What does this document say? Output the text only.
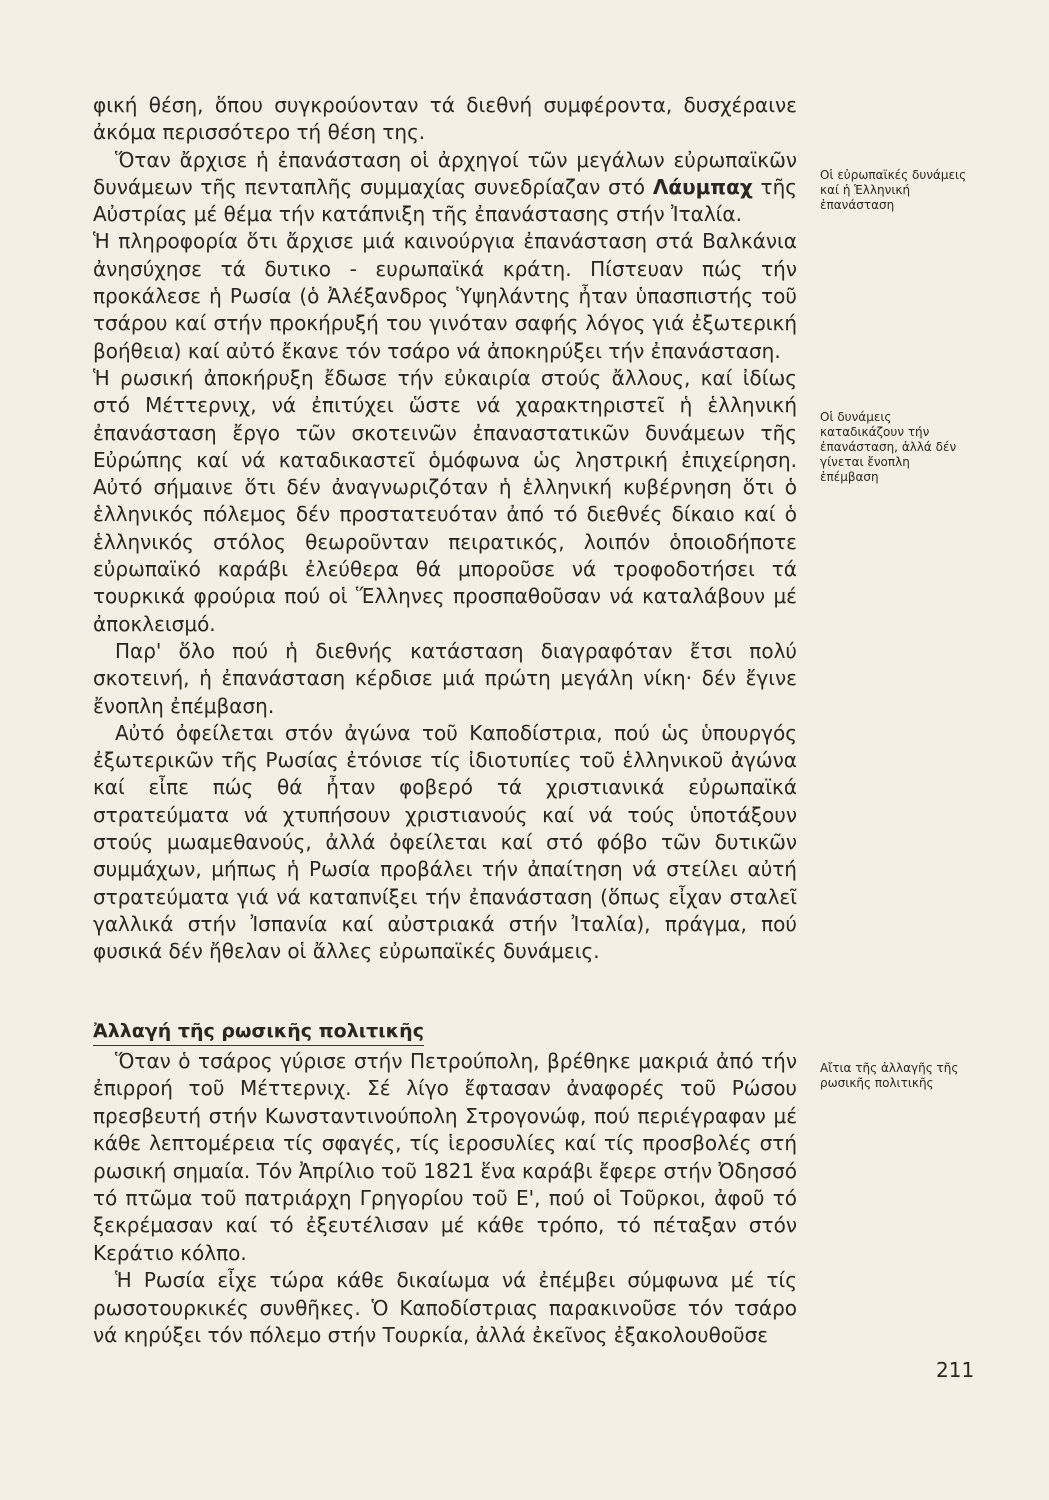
φική θέση, ὅπου συγκρούονταν τά διεθνή συμφέροντα, δυσχέραινε ἀκόμα περισσότερο τή θέση της.

Ὅταν ἄρχισε ἡ ἐπανάσταση οἱ ἀρχηγοί τῶν μεγάλων εὐρωπαϊκῶν δυνάμεων τῆς πενταπλῆς συμμαχίας συνεδρίαζαν στό Λάυμπαχ τῆς Αὐστρίας μέ θέμα τήν κατάπνιξη τῆς ἐπανάστασης στήν Ἰταλία.

Ἡ πληροφορία ὅτι ἄρχισε μιά καινούργια ἐπανάσταση στά Βαλκάνια ἀνησύχησε τά δυτικο - ευρωπαϊκά κράτη. Πίστευαν πώς τήν προκάλεσε ἡ Ρωσία (ὁ Ἀλέξανδρος Ὑψηλάντης ἦταν ὑπασπιστής τοῦ τσάρου καί στήν προκήρυξή του γινόταν σαφής λόγος γιά ἐξωτερική βοήθεια) καί αὐτό ἔκανε τόν τσάρο νά ἀποκηρύξει τήν ἐπανάσταση.

Ἡ ρωσική ἀποκήρυξη ἔδωσε τήν εὐκαιρία στούς ἄλλους, καί ἰδίως στό Μέττερνιχ, νά ἐπιτύχει ὥστε νά χαρακτηριστεῖ ἡ ἑλληνική ἐπανάσταση ἔργο τῶν σκοτεινῶν ἐπαναστατικῶν δυνάμεων τῆς Εὐρώπης καί νά καταδικαστεῖ ὁμόφωνα ὡς ληστρική ἐπιχείρηση. Αὐτό σήμαινε ὅτι δέν ἀναγνωριζόταν ἡ ἑλληνική κυβέρνηση ὅτι ὁ ἑλληνικός πόλεμος δέν προστατευόταν ἀπό τό διεθνές δίκαιο καί ὁ ἑλληνικός στόλος θεωροῦνταν πειρατικός, λοιπόν ὁποιοδήποτε εὐρωπαϊκό καράβι ἐλεύθερα θά μποροῦσε νά τροφοδοτήσει τά τουρκικά φρούρια πού οἱ Ἕλληνες προσπαθοῦσαν νά καταλάβουν μέ ἀποκλεισμό.

Παρ' ὅλο πού ἡ διεθνής κατάσταση διαγραφόταν ἔτσι πολύ σκοτεινή, ἡ ἐπανάσταση κέρδισε μιά πρώτη μεγάλη νίκη· δέν ἔγινε ἔνοπλη ἐπέμβαση.

Αὐτό ὀφείλεται στόν ἀγώνα τοῦ Καποδίστρια, πού ὡς ὑπουργός ἐξωτερικῶν τῆς Ρωσίας ἐτόνισε τίς ἰδιοτυπίες τοῦ ἑλληνικοῦ ἀγώνα καί εἶπε πώς θά ἦταν φοβερό τά χριστιανικά εὐρωπαϊκά στρατεύματα νά χτυπήσουν χριστιανούς καί νά τούς ὑποτάξουν στούς μωαμεθανούς, ἀλλά ὀφείλεται καί στό φόβο τῶν δυτικῶν συμμάχων, μήπως ἡ Ρωσία προβάλει τήν ἀπαίτηση νά στείλει αὐτή στρατεύματα γιά νά καταπνίξει τήν ἐπανάσταση (ὅπως εἶχαν σταλεῖ γαλλικά στήν Ἰσπανία καί αὐστριακά στήν Ἰταλία), πράγμα, πού φυσικά δέν ἤθελαν οἱ ἄλλες εὐρωπαϊκές δυνάμεις.

Ἀλλαγή τῆς ρωσικῆς πολιτικῆς

Ὅταν ὁ τσάρος γύρισε στήν Πετρούπολη, βρέθηκε μακριά ἀπό τήν ἐπιρροή τοῦ Μέττερνιχ. Σέ λίγο ἔφτασαν ἀναφορές τοῦ Ρώσου πρεσβευτή στήν Κωνσταντινούπολη Στρογονώφ, πού περιέγραφαν μέ κάθε λεπτομέρεια τίς σφαγές, τίς ἱεροσυλίες καί τίς προσβολές στή ρωσική σημαία. Τόν Ἀπρίλιο τοῦ 1821 ἕνα καράβι ἔφερε στήν Ὀδησσό τό πτῶμα τοῦ πατριάρχη Γρηγορίου τοῦ Ε', πού οἱ Τοῦρκοι, ἀφοῦ τό ξεκρέμασαν καί τό ἐξευτέλισαν μέ κάθε τρόπο, τό πέταξαν στόν Κεράτιο κόλπο.

Ἡ Ρωσία εἶχε τώρα κάθε δικαίωμα νά ἐπέμβει σύμφωνα μέ τίς ρωσοτουρκικές συνθῆκες. Ὁ Καποδίστριας παρακινοῦσε τόν τσάρο νά κηρύξει τόν πόλεμο στήν Τουρκία, ἀλλά ἐκεῖνος ἐξακολουθοῦσε

Οἱ εὐρωπαϊκές δυνάμεις καί ἡ Ἑλληνική ἐπανάσταση
Οἱ δυνάμεις καταδικάζουν τήν ἐπανάσταση, ἀλλά δέν γίνεται ἔνοπλη ἐπέμβαση
Αἴτια τῆς ἀλλαγῆς τῆς ρωσικῆς πολιτικῆς
211
